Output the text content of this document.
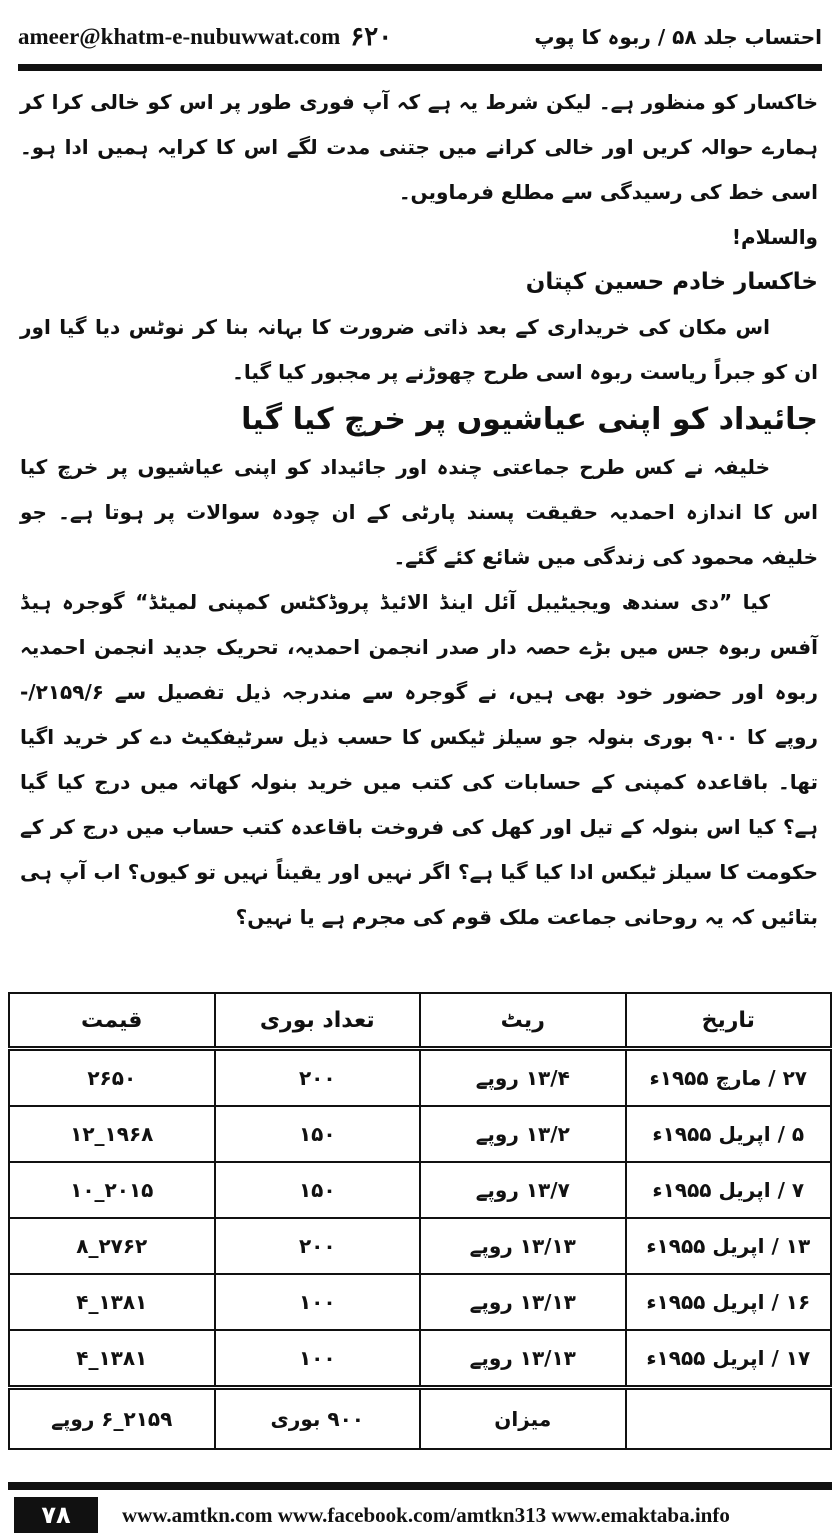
ameer@khatm-e-nubuwwat.com ۶۲۰	احتساب جلد ۵۸ / ربوہ کا پوپ

خاکسار کو منظور ہے۔ لیکن شرط یہ ہے کہ آپ فوری طور پر اس کو خالی کرا کر ہمارے حوالہ کریں اور خالی کرانے میں جتنی مدت لگے اس کا کرایہ ہمیں ادا ہو۔ اسی خط کی رسیدگی سے مطلع فرماویں۔

والسلام!

خاکسار خادم حسین کپتان

اس مکان کی خریداری کے بعد ذاتی ضرورت کا بہانہ بنا کر نوٹس دیا گیا اور ان کو جبراً ریاست ربوہ اسی طرح چھوڑنے پر مجبور کیا گیا۔

جائیداد کو اپنی عیاشیوں پر خرچ کیا گیا

خلیفہ نے کس طرح جماعتی چندہ اور جائیداد کو اپنی عیاشیوں پر خرچ کیا اس کا اندازہ احمدیہ حقیقت پسند پارٹی کے ان چودہ سوالات پر ہوتا ہے۔ جو خلیفہ محمود کی زندگی میں شائع کئے گئے۔

کیا ”دی سندھ ویجیٹیبل آئل اینڈ الائیڈ پروڈکٹس کمپنی لمیٹڈ“ گوجرہ ہیڈ آفس ربوہ جس میں بڑے حصہ دار صدر انجمن احمدیہ، تحریک جدید انجمن احمدیہ ربوہ اور حضور خود بھی ہیں، نے گوجرہ سے مندرجہ ذیل تفصیل سے ۲۱۵۹/۶/- روپے کا ۹۰۰ بوری بنولہ جو سیلز ٹیکس کا حسب ذیل سرٹیفکیٹ دے کر خرید اگیا تھا۔ باقاعدہ کمپنی کے حسابات کی کتب میں خرید بنولہ کھاتہ میں درج کیا گیا ہے؟ کیا اس بنولہ کے تیل اور کھل کی فروخت باقاعدہ کتب حساب میں درج کر کے حکومت کا سیلز ٹیکس ادا کیا گیا ہے؟ اگر نہیں اور یقیناً نہیں تو کیوں؟ اب آپ ہی بتائیں کہ یہ روحانی جماعت ملک قوم کی مجرم ہے یا نہیں؟

تاریخ	ریٹ	تعداد بوری	قیمت
۲۷ / مارچ ۱۹۵۵ء	۱۳/۴ روپے	۲۰۰	۲۶۵۰
۵ / اپریل ۱۹۵۵ء	۱۳/۲ روپے	۱۵۰	۱۹۶۸_۱۲
۷ / اپریل ۱۹۵۵ء	۱۳/۷ روپے	۱۵۰	۲۰۱۵_۱۰
۱۳ / اپریل ۱۹۵۵ء	۱۳/۱۳ روپے	۲۰۰	۲۷۶۲_۸
۱۶ / اپریل ۱۹۵۵ء	۱۳/۱۳ روپے	۱۰۰	۱۳۸۱_۴
۱۷ / اپریل ۱۹۵۵ء	۱۳/۱۳ روپے	۱۰۰	۱۳۸۱_۴
	میزان	۹۰۰ بوری	۲۱۵۹_۶ روپے
۷۸	www.amtkn.com www.facebook.com/amtkn313 www.emaktaba.info
